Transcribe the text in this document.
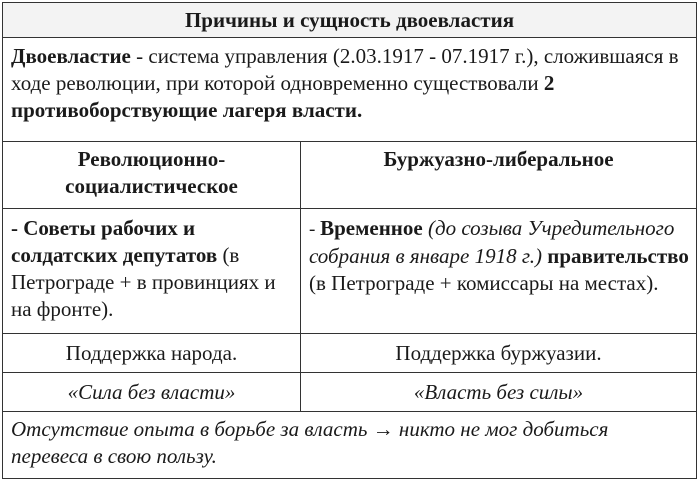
Причины и сущность двоевластия	
Двоевластие - система управления (2.03.1917 - 07.1917 г.), сложившаяся в ходе революции, при которой одновременно существовали 2 противоборствующие лагеря власти.	
Революционно-социалистическое	Буржуазно-либеральное
- Советы рабочих и солдатских депутатов (в Петрограде + в провинциях и на фронте).	- Временное (до созыва Учредительного собрания в январе 1918 г.) правительство (в Петрограде + комиссары на местах).
Поддержка народа.	Поддержка буржуазии.
«Сила без власти»	«Власть без силы»
Отсутствие опыта в борьбе за власть → никто не мог добиться перевеса в свою пользу.	
